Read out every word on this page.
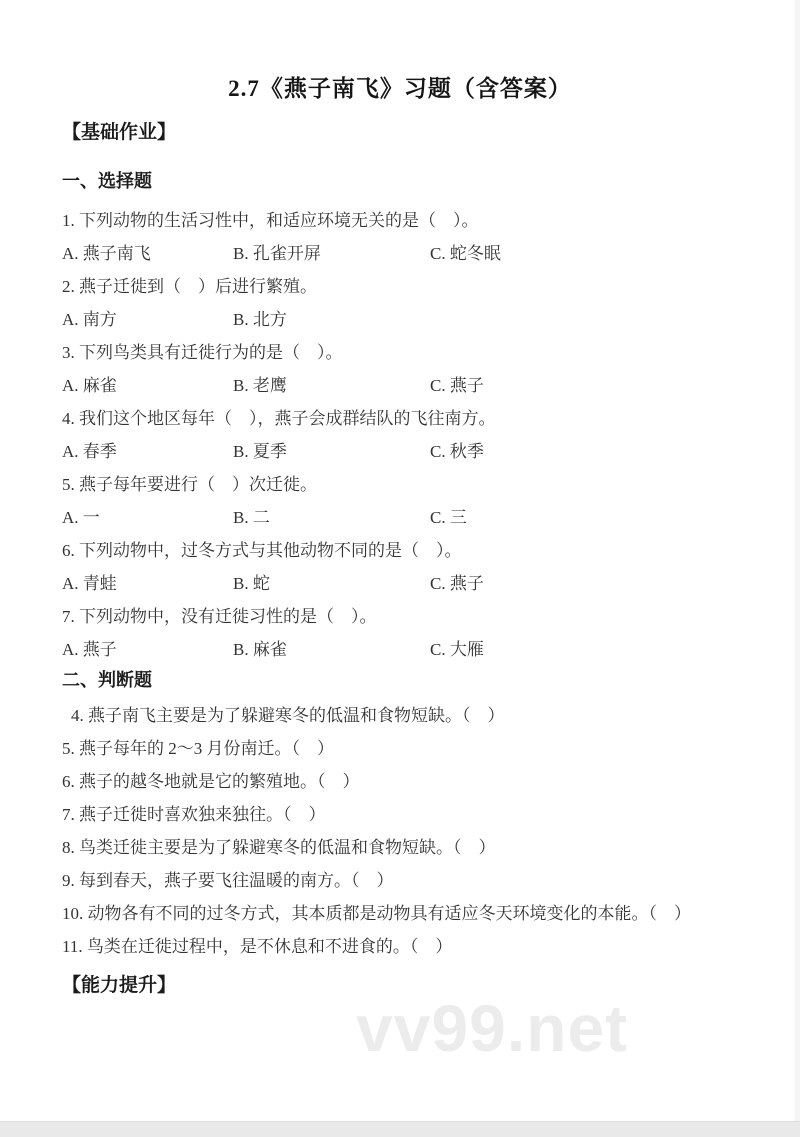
2.7《燕子南飞》习题（含答案）
【基础作业】
一、选择题
1. 下列动物的生活习性中，和适应环境无关的是（　）。
A. 燕子南飞	B. 孔雀开屏	C. 蛇冬眠
2. 燕子迁徙到（　）后进行繁殖。
A. 南方	B. 北方
3. 下列鸟类具有迁徙行为的是（　）。
A. 麻雀	B. 老鹰	C. 燕子
4. 我们这个地区每年（　），燕子会成群结队的飞往南方。
A. 春季	B. 夏季	C. 秋季
5. 燕子每年要进行（　）次迁徙。
A. 一	B. 二	C. 三
6. 下列动物中，过冬方式与其他动物不同的是（　）。
A. 青蛙	B. 蛇	C. 燕子
7. 下列动物中，没有迁徙习性的是（　）。
A. 燕子	B. 麻雀	C. 大雁
二、判断题
4. 燕子南飞主要是为了躲避寒冬的低温和食物短缺。（　）
5. 燕子每年的 2～3 月份南迁。（　）
6. 燕子的越冬地就是它的繁殖地。（　）
7. 燕子迁徙时喜欢独来独往。（　）
8. 鸟类迁徙主要是为了躲避寒冬的低温和食物短缺。（　）
9. 每到春天，燕子要飞往温暖的南方。（　）
10. 动物各有不同的过冬方式，其本质都是动物具有适应冬天环境变化的本能。（　）
11. 鸟类在迁徙过程中，是不休息和不进食的。（　）
【能力提升】
vv99.net
